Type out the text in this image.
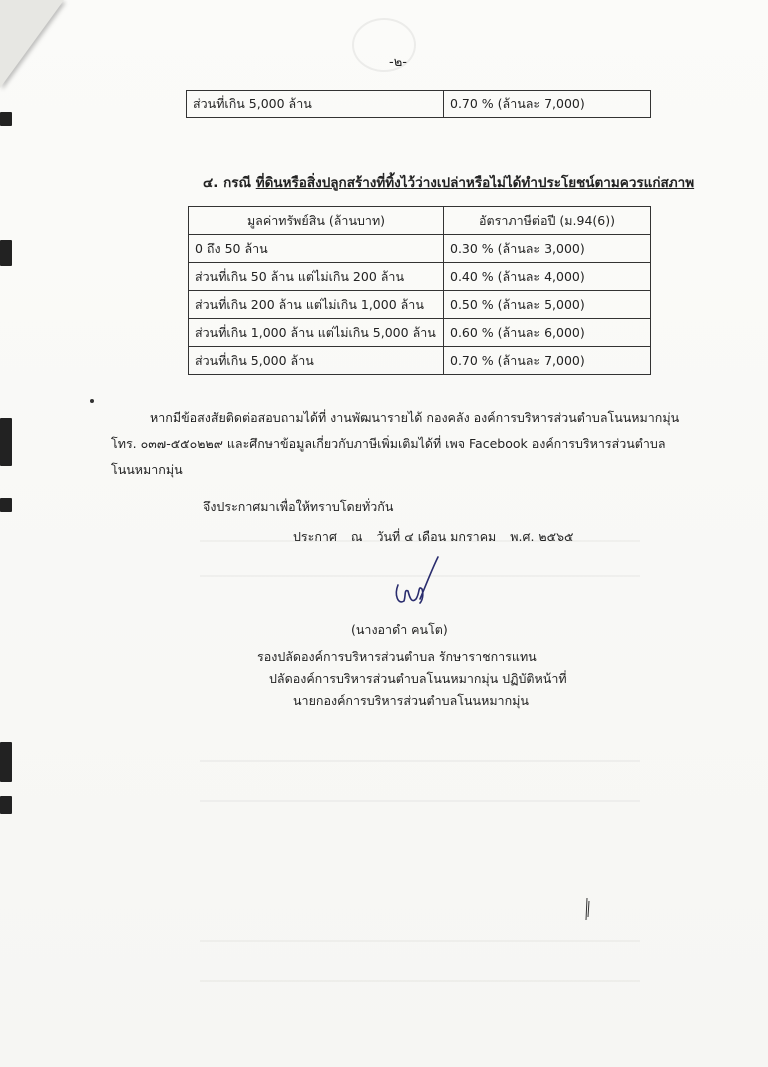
-๒-
ส่วนที่เกิน 5,000 ล้าน	0.70 % (ล้านละ 7,000)
๔. กรณี ที่ดินหรือสิ่งปลูกสร้างที่ทิ้งไว้ว่างเปล่าหรือไม่ได้ทำประโยชน์ตามควรแก่สภาพ
มูลค่าทรัพย์สิน (ล้านบาท)	อัตราภาษีต่อปี (ม.94(6))
0 ถึง 50 ล้าน	0.30 % (ล้านละ 3,000)
ส่วนที่เกิน 50 ล้าน แต่ไม่เกิน 200 ล้าน	0.40 % (ล้านละ 4,000)
ส่วนที่เกิน 200 ล้าน แต่ไม่เกิน 1,000 ล้าน	0.50 % (ล้านละ 5,000)
ส่วนที่เกิน 1,000 ล้าน แต่ไม่เกิน 5,000 ล้าน	0.60 % (ล้านละ 6,000)
ส่วนที่เกิน 5,000 ล้าน	0.70 % (ล้านละ 7,000)
หากมีข้อสงสัยติดต่อสอบถามได้ที่ งานพัฒนารายได้ กองคลัง องค์การบริหารส่วนตำบลโนนหมากมุ่น
โทร. ๐๓๗-๕๕๐๒๒๙ และศึกษาข้อมูลเกี่ยวกับภาษีเพิ่มเติมได้ที่ เพจ Facebook องค์การบริหารส่วนตำบล
โนนหมากมุ่น
จึงประกาศมาเพื่อให้ทราบโดยทั่วกัน
ประกาศ ณ วันที่ ๔ เดือน มกราคม พ.ศ. ๒๕๖๕
(นางอาดำ คนโต)
รองปลัดองค์การบริหารส่วนตำบล รักษาราชการแทน
ปลัดองค์การบริหารส่วนตำบลโนนหมากมุ่น ปฏิบัติหน้าที่
นายกองค์การบริหารส่วนตำบลโนนหมากมุ่น
